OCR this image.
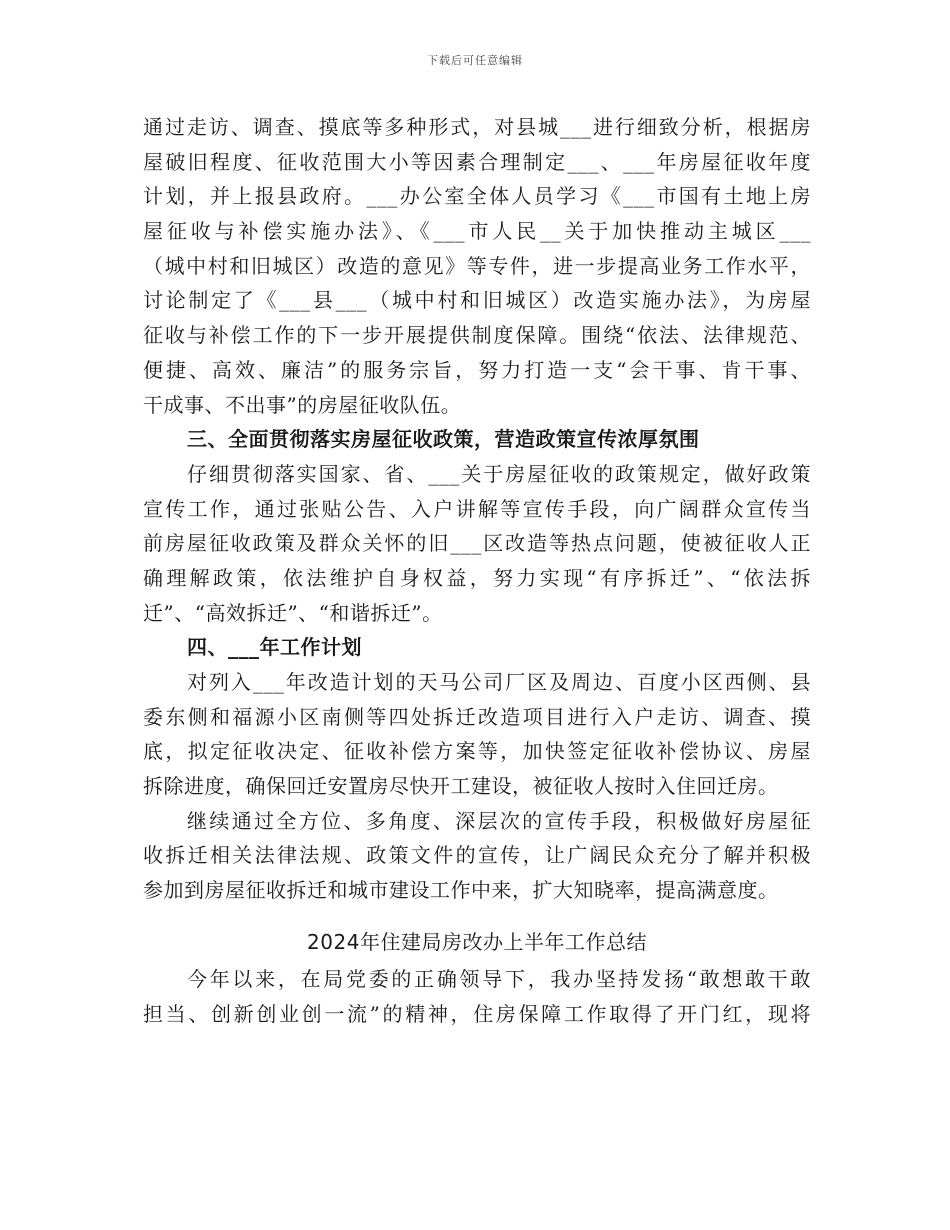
下载后可任意编辑
通过走访、调查、摸底等多种形式，对县城___进行细致分析，根据房
屋破旧程度、征收范围大小等因素合理制定___、___年房屋征收年度
计划，并上报县政府。___办公室全体人员学习《___市国有土地上房
屋征收与补偿实施办法》、《___市人民__关于加快推动主城区___
（城中村和旧城区）改造的意见》等专件，进一步提高业务工作水平，
讨论制定了《___县___（城中村和旧城区）改造实施办法》，为房屋
征收与补偿工作的下一步开展提供制度保障。围绕“依法、法律规范、
便捷、高效、廉洁”的服务宗旨，努力打造一支“会干事、肯干事、
干成事、不出事”的房屋征收队伍。
三、全面贯彻落实房屋征收政策，营造政策宣传浓厚氛围
仔细贯彻落实国家、省、___关于房屋征收的政策规定，做好政策
宣传工作，通过张贴公告、入户讲解等宣传手段，向广阔群众宣传当
前房屋征收政策及群众关怀的旧___区改造等热点问题，使被征收人正
确理解政策，依法维护自身权益，努力实现“有序拆迁”、“依法拆
迁”、“高效拆迁”、“和谐拆迁”。
四、___年工作计划
对列入___年改造计划的天马公司厂区及周边、百度小区西侧、县
委东侧和福源小区南侧等四处拆迁改造项目进行入户走访、调查、摸
底，拟定征收决定、征收补偿方案等，加快签定征收补偿协议、房屋
拆除进度，确保回迁安置房尽快开工建设，被征收人按时入住回迁房。
继续通过全方位、多角度、深层次的宣传手段，积极做好房屋征
收拆迁相关法律法规、政策文件的宣传，让广阔民众充分了解并积极
参加到房屋征收拆迁和城市建设工作中来，扩大知晓率，提高满意度。
2024年住建局房改办上半年工作总结
今年以来，在局党委的正确领导下，我办坚持发扬“敢想敢干敢
担当、创新创业创一流”的精神，住房保障工作取得了开门红，现将
